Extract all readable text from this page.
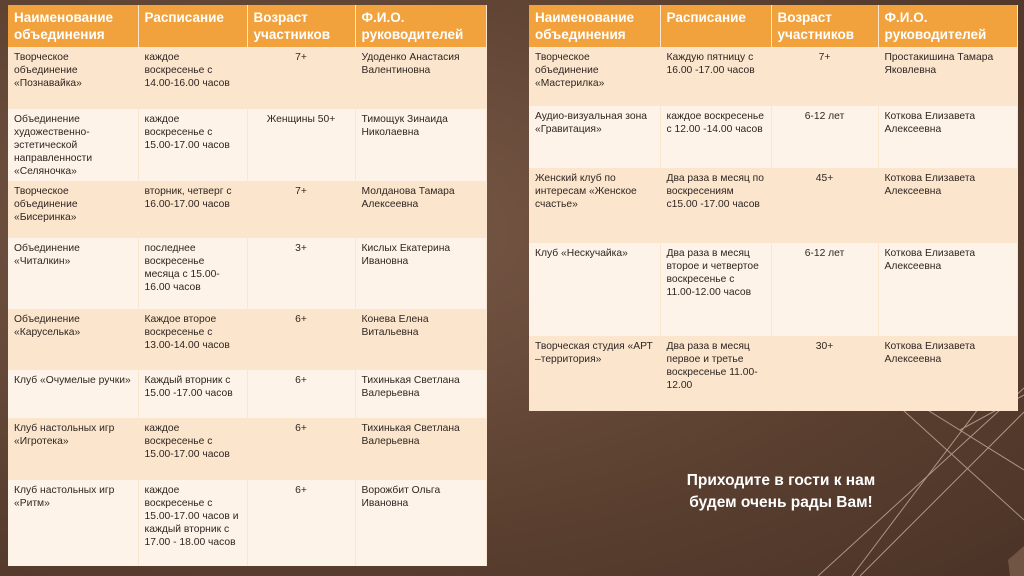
Наименование объединения	Расписание	Возраст участников	Ф.И.О. руководителей
Творческое объединение «Познавайка»	каждое воскресенье с 14.00-16.00 часов	7+	Удоденко Анастасия Валентиновна
Объединение художественно-эстетической направленности «Селяночка»	каждое воскресенье с 15.00-17.00 часов	Женщины 50+	Тимощук Зинаида Николаевна
Творческое объединение «Бисеринка»	вторник, четверг с 16.00-17.00 часов	7+	Молданова Тамара Алексеевна
Объединение «Читалкин»	последнее воскресенье месяца с 15.00-16.00 часов	3+	Кислых Екатерина Ивановна
Объединение «Каруселька»	Каждое второе воскресенье с 13.00-14.00 часов	6+	Конева Елена Витальевна
Клуб «Очумелые ручки»	Каждый вторник с 15.00 -17.00 часов	6+	Тихинькая Светлана Валерьевна
Клуб настольных игр «Игротека»	каждое воскресенье с 15.00-17.00 часов	6+	Тихинькая Светлана Валерьевна
Клуб настольных игр «Ритм»	каждое воскресенье с 15.00-17.00 часов и каждый вторник с 17.00 - 18.00 часов	6+	Ворожбит Ольга Ивановна
Наименование объединения	Расписание	Возраст участников	Ф.И.О. руководителей
Творческое объединение «Мастерилка»	Каждую пятницу с 16.00 -17.00 часов	7+	Простакишина Тамара Яковлевна
Аудио-визуальная зона «Гравитация»	каждое воскресенье с 12.00 -14.00 часов	6-12 лет	Коткова Елизавета Алексеевна
Женский клуб по интересам «Женское счастье»	Два раза в месяц по воскресениям с15.00 -17.00 часов	45+	Коткова Елизавета Алексеевна
Клуб «Нескучайка»	Два раза в месяц второе и четвертое воскресенье с 11.00-12.00 часов	6-12 лет	Коткова Елизавета Алексеевна
Творческая студия «АРТ –территория»	Два раза в месяц первое и третье воскресенье 11.00-12.00	30+	Коткова Елизавета Алексеевна
Приходите в гости к нам
будем очень рады Вам!
